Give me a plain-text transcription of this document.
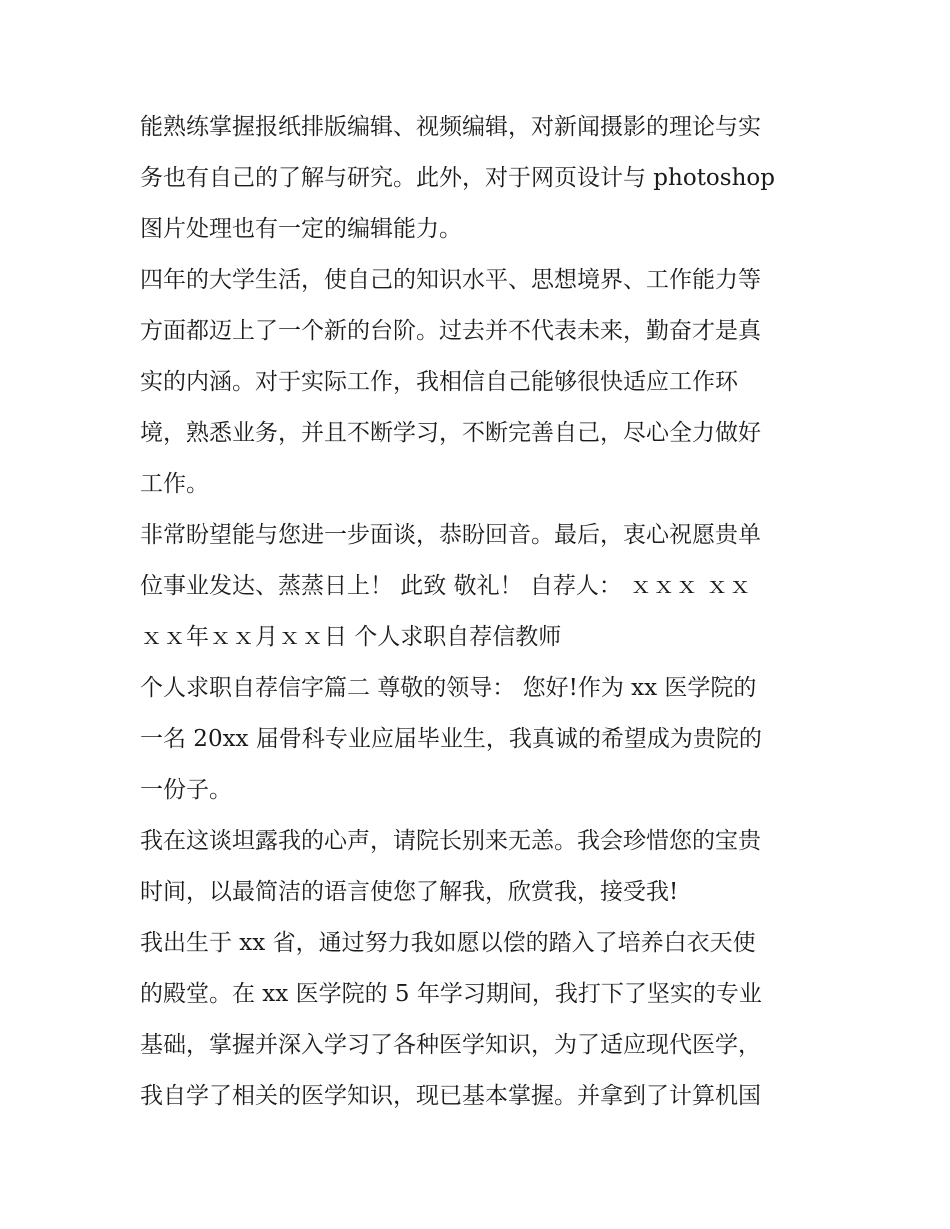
能熟练掌握报纸排版编辑、视频编辑，对新闻摄影的理论与实
务也有自己的了解与研究。此外，对于网页设计与 photoshop
图片处理也有一定的编辑能力。
四年的大学生活，使自己的知识水平、思想境界、工作能力等
方面都迈上了一个新的台阶。过去并不代表未来，勤奋才是真
实的内涵。对于实际工作，我相信自己能够很快适应工作环
境，熟悉业务，并且不断学习，不断完善自己，尽心全力做好
工作。
非常盼望能与您进一步面谈，恭盼回音。最后，衷心祝愿贵单
位事业发达、蒸蒸日上！ 此致 敬礼！ 自荐人： ｘｘｘ ｘｘ
ｘｘ年ｘｘ月ｘｘ日 个人求职自荐信教师
个人求职自荐信字篇二 尊敬的领导： 您好!作为 xx 医学院的
一名 20xx 届骨科专业应届毕业生，我真诚的希望成为贵院的
一份子。
我在这谈坦露我的心声，请院长别来无恙。我会珍惜您的宝贵
时间，以最简洁的语言使您了解我，欣赏我，接受我!
我出生于 xx 省，通过努力我如愿以偿的踏入了培养白衣天使
的殿堂。在 xx 医学院的 5 年学习期间，我打下了坚实的专业
基础，掌握并深入学习了各种医学知识，为了适应现代医学，
我自学了相关的医学知识，现已基本掌握。并拿到了计算机国
